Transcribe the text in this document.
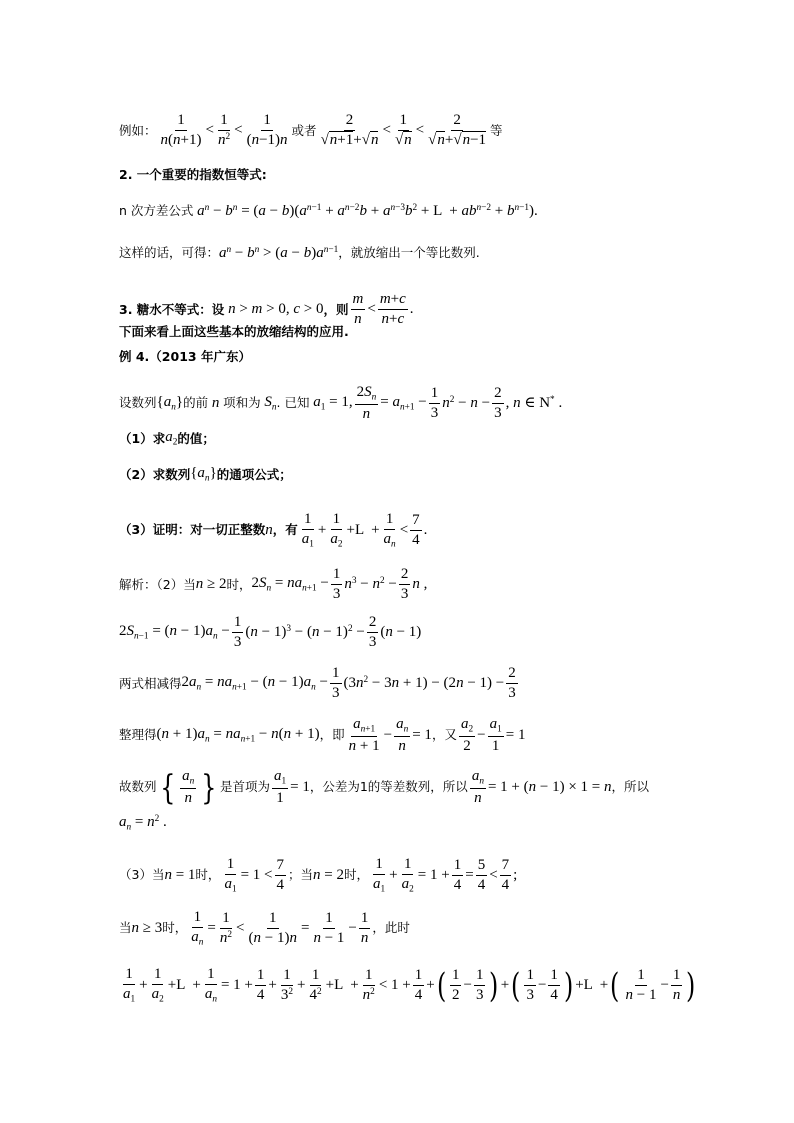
例如： $\frac{1}{n(n+1)} < \frac{1}{n^2} < \frac{1}{(n-1)n}$ 或者 $\frac{2}{√n+1+√n} < \frac{1}{√n} < \frac{2}{√n+√n-1}$ 等
2. 一个重要的指数恒等式:
n 次方差公式 $a^n - b^n = (a - b)(a^{n-1} + a^{n-2}b + a^{n-3}b^2 + L + ab^{n-2} + b^{n-1})$.
这样的话，可得： $a^n - b^n > (a - b)a^{n-1}$ ，就放缩出一个等比数列.
3. 糖水不等式：设 n > m > 0, c > 0 ，则 $\frac{m}{n} < \frac{m+c}{n+c}$ .
下面来看上面这些基本的放缩结构的应用.
例 4.（2013 年广东）
设数列 $\{a_n\}$ 的前 n 项和为 $S_n$ . 已知 $a_1 = 1$, $\frac{2S_n}{n} = a_{n+1} - \frac{1}{3} n^2 - n - \frac{2}{3}$ , n ∈ N* .
（1）求 $a_2$ 的值；
（2）求数列 $\{a_n\}$ 的通项公式；
（3）证明：对一切正整数 n ，有 $\frac{1}{a_1} + \frac{1}{a_2} +L + \frac{1}{a_n} < \frac{7}{4}$ .
解析：（2）当 n ≥ 2 时， $2S_n = na_{n+1} - \frac{1}{3} n^3 - n^2 - \frac{2}{3}$ n ,
$2S_{n-1} = (n - 1)a_n - \frac{1}{3} (n - 1)^3 - (n - 1)^2 - \frac{2}{3} (n - 1)$
两式相减得 $2a_n = na_{n+1} - (n - 1)a_n - \frac{1}{3} (3n^2 - 3n + 1) - (2n - 1) - \frac{2}{3}$
整理得 $(n + 1)a_n = na_{n+1} - n(n + 1)$ ，即 $\frac{a_{n+1}}{n + 1} - \frac{a_n}{n} = 1$ ，又 $\frac{a_2}{2} - \frac{a_1}{1} = 1$
故数列 { $\frac{a_n}{n}$ } 是首项为 $\frac{a_1}{1} = 1$ ，公差为1的等差数列，所以 $\frac{a_n}{n} = 1 + (n - 1) \times 1 = n$ ，所以
$a_n = n^2$ .
（3）当 n = 1 时， $\frac{1}{a_1} = 1 < \frac{7}{4}$ ；当 n = 2 时， $\frac{1}{a_1} + \frac{1}{a_2} = 1 + \frac{1}{4} = \frac{5}{4} < \frac{7}{4}$ ;
当 n ≥ 3 时， $\frac{1}{a_n} = \frac{1}{n^2} < \frac{1}{(n - 1)n} = \frac{1}{n - 1} - \frac{1}{n}$ ，此时
$\frac{1}{a_1} + \frac{1}{a_2} +L + \frac{1}{a_n} = 1 + \frac{1}{4} + \frac{1}{3^2} + \frac{1}{4^2} +L + \frac{1}{n^2} < 1 + \frac{1}{4}$ + ( $\frac{1}{2} - \frac{1}{3}$ ) + ( $\frac{1}{3} - \frac{1}{4}$ ) +L  + ( $\frac{1}{n - 1} - \frac{1}{n}$ )
